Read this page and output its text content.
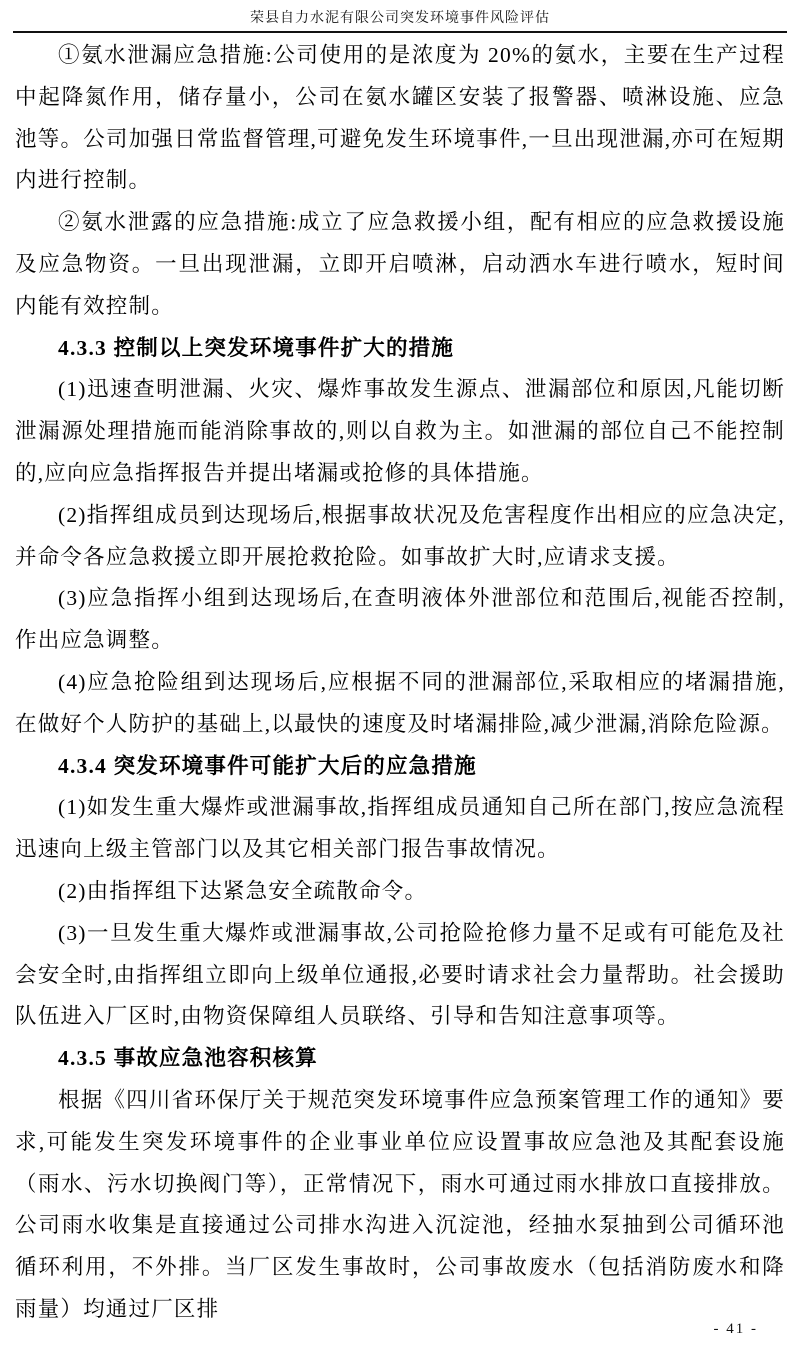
荣县自力水泥有限公司突发环境事件风险评估

①氨水泄漏应急措施:公司使用的是浓度为 20%的氨水，主要在生产过程中起降氮作用，储存量小，公司在氨水罐区安装了报警器、喷淋设施、应急池等。公司加强日常监督管理,可避免发生环境事件,一旦出现泄漏,亦可在短期内进行控制。

②氨水泄露的应急措施:成立了应急救援小组，配有相应的应急救援设施及应急物资。一旦出现泄漏，立即开启喷淋，启动洒水车进行喷水，短时间内能有效控制。

4.3.3 控制以上突发环境事件扩大的措施

(1)迅速查明泄漏、火灾、爆炸事故发生源点、泄漏部位和原因,凡能切断泄漏源处理措施而能消除事故的,则以自救为主。如泄漏的部位自己不能控制的,应向应急指挥报告并提出堵漏或抢修的具体措施。

(2)指挥组成员到达现场后,根据事故状况及危害程度作出相应的应急决定,并命令各应急救援立即开展抢救抢险。如事故扩大时,应请求支援。

(3)应急指挥小组到达现场后,在查明液体外泄部位和范围后,视能否控制,作出应急调整。

(4)应急抢险组到达现场后,应根据不同的泄漏部位,采取相应的堵漏措施,在做好个人防护的基础上,以最快的速度及时堵漏排险,减少泄漏,消除危险源。

4.3.4 突发环境事件可能扩大后的应急措施

(1)如发生重大爆炸或泄漏事故,指挥组成员通知自己所在部门,按应急流程迅速向上级主管部门以及其它相关部门报告事故情况。

(2)由指挥组下达紧急安全疏散命令。

(3)一旦发生重大爆炸或泄漏事故,公司抢险抢修力量不足或有可能危及社会安全时,由指挥组立即向上级单位通报,必要时请求社会力量帮助。社会援助队伍进入厂区时,由物资保障组人员联络、引导和告知注意事项等。

4.3.5 事故应急池容积核算

根据《四川省环保厅关于规范突发环境事件应急预案管理工作的通知》要求,可能发生突发环境事件的企业事业单位应设置事故应急池及其配套设施（雨水、污水切换阀门等），正常情况下，雨水可通过雨水排放口直接排放。公司雨水收集是直接通过公司排水沟进入沉淀池，经抽水泵抽到公司循环池循环利用，不外排。当厂区发生事故时，公司事故废水（包括消防废水和降雨量）均通过厂区排

- 41 -
